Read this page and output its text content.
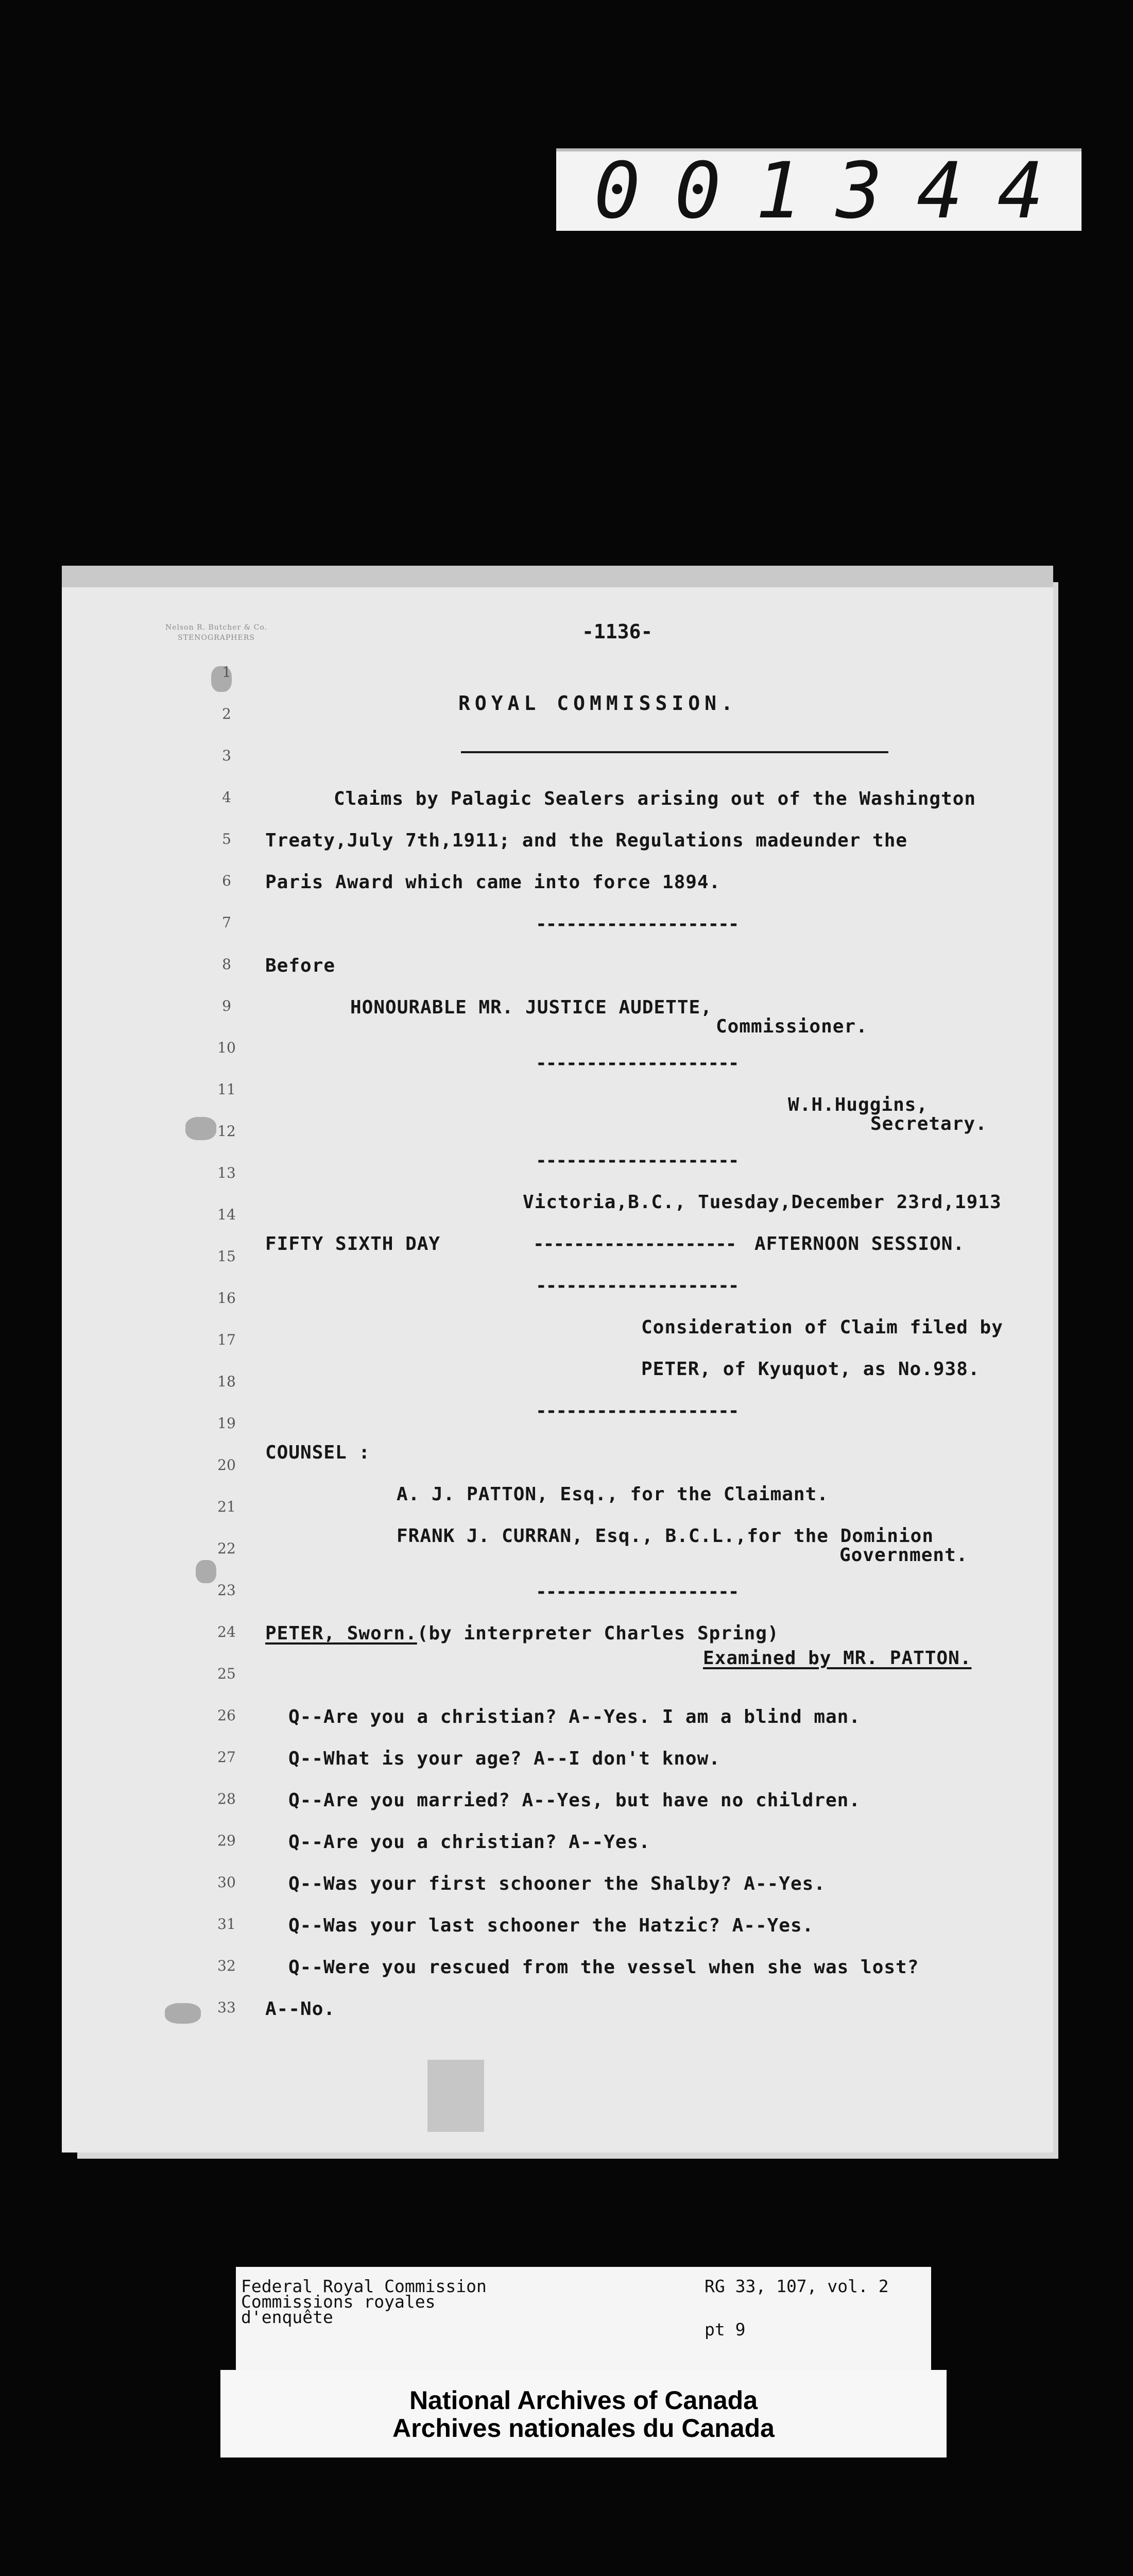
0 0 1 3 4 4
Nelson R. Butcher & Co.
STENOGRAPHERS	-1136-
1
2
3
4
5
6
7
8
9
10
11
12
13
14
15
16
17
18
19
20
21
22
23
24
25
26
27
28
29
30
31
32
33
ROYAL COMMISSION.
Claims by Palagic Sealers arising out of the Washington
Treaty,July 7th,1911; and the Regulations madeunder the
Paris Award which came into force 1894.
--------------------
Before
HONOURABLE MR. JUSTICE AUDETTE,
Commissioner.
--------------------
W.H.Huggins,
Secretary.
--------------------
Victoria,B.C., Tuesday,December 23rd,1913
FIFTY SIXTH DAY	-------------------- AFTERNOON SESSION.
--------------------
Consideration of Claim filed by
PETER, of Kyuquot, as No.938.
--------------------
COUNSEL :
A. J. PATTON, Esq., for the Claimant.
FRANK J. CURRAN, Esq., B.C.L.,for the Dominion
Government.
--------------------
PETER, Sworn.(by interpreter Charles Spring)
Examined by MR. PATTON.
Q--Are you a christian? A--Yes. I am a blind man.
Q--What is your age? A--I don't know.
Q--Are you married? A--Yes, but have no children.
Q--Are you a christian? A--Yes.
Q--Was your first schooner the Shalby? A--Yes.
Q--Was your last schooner the Hatzic? A--Yes.
Q--Were you rescued from the vessel when she was lost?
A--No.
Federal Royal Commission
Commissions royales
d'enquête
RG 33, 107, vol. 2
pt 9
National Archives of Canada
Archives nationales du Canada
